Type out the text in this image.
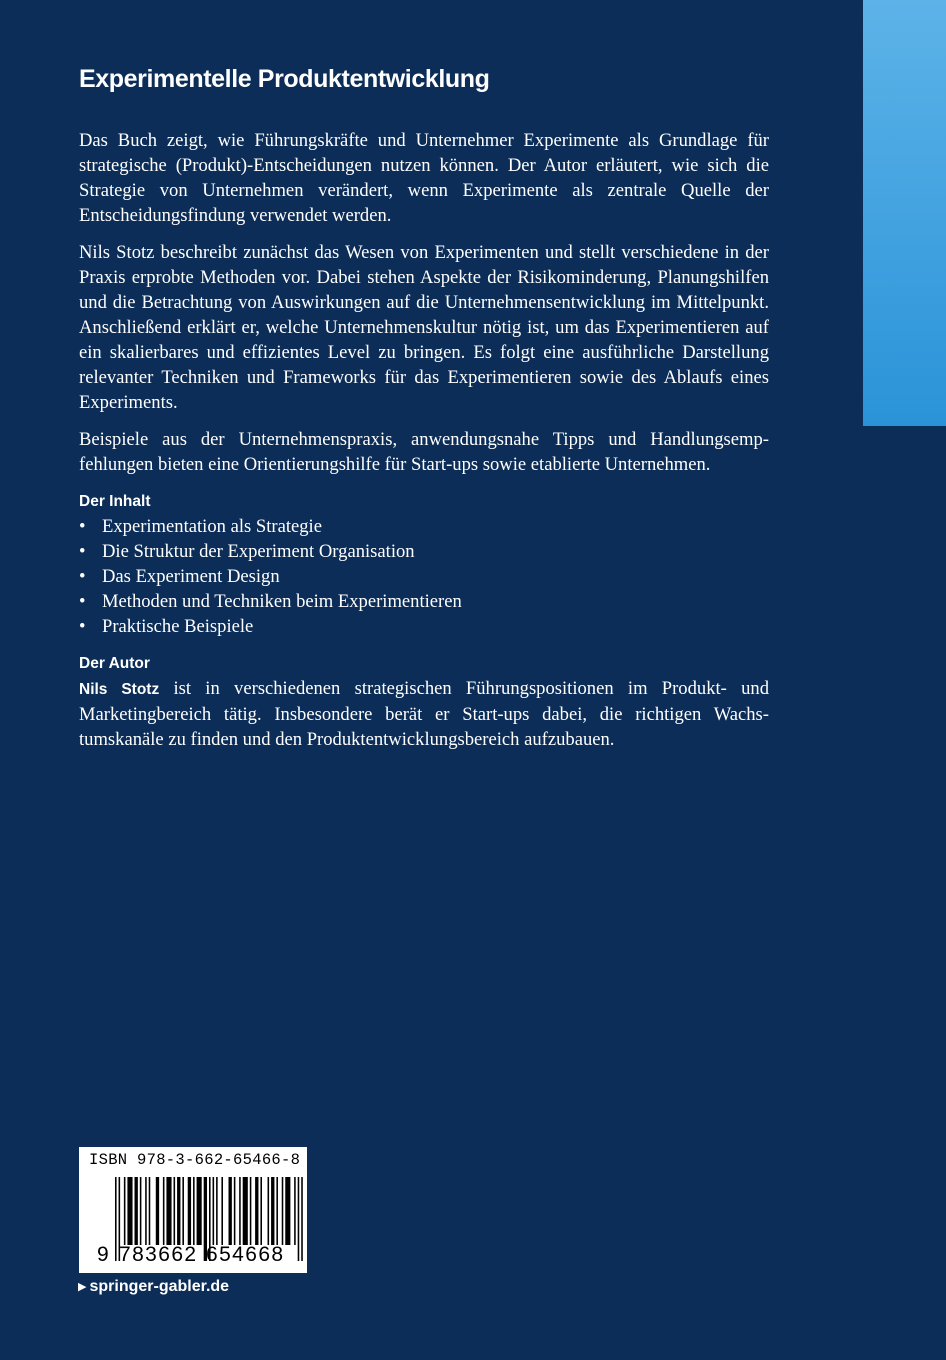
Experimentelle Produktentwicklung

Das Buch zeigt, wie Führungskräfte und Unternehmer Experimente als Grundlage für strategische (Produkt)-Entscheidungen nutzen können. Der Autor erläutert, wie sich die Strategie von Unternehmen verändert, wenn Experimente als zentrale Quelle der Entscheidungsfindung verwendet werden.

Nils Stotz beschreibt zunächst das Wesen von Experimenten und stellt verschiedene in der Praxis erprobte Methoden vor. Dabei stehen Aspekte der Risikominderung, Planungshilfen und die Betrachtung von Auswirkungen auf die Unternehmensentwicklung im Mittelpunkt. Anschließend erklärt er, welche Unternehmenskultur nötig ist, um das Experimentieren auf ein skalierbares und effizientes Level zu bringen. Es folgt eine ausführliche Darstellung relevanter Techniken und Frameworks für das Experimentieren sowie des Ablaufs eines Experiments.

Beispiele aus der Unternehmenspraxis, anwendungsnahe Tipps und Handlungsempfehlungen bieten eine Orientierungshilfe für Start-ups sowie etablierte Unternehmen.

Der Inhalt
• Experimentation als Strategie
• Die Struktur der Experiment Organisation
• Das Experiment Design
• Methoden und Techniken beim Experimentieren
• Praktische Beispiele
Der Autor

Nils Stotz ist in verschiedenen strategischen Führungspositionen im Produkt- und Marketingbereich tätig. Insbesondere berät er Start-ups dabei, die richtigen Wachstumskanäle zu finden und den Produktentwicklungsbereich aufzubauen.

ISBN 978-3-662-65466-8
9 783662 654668
▶ springer-gabler.de
